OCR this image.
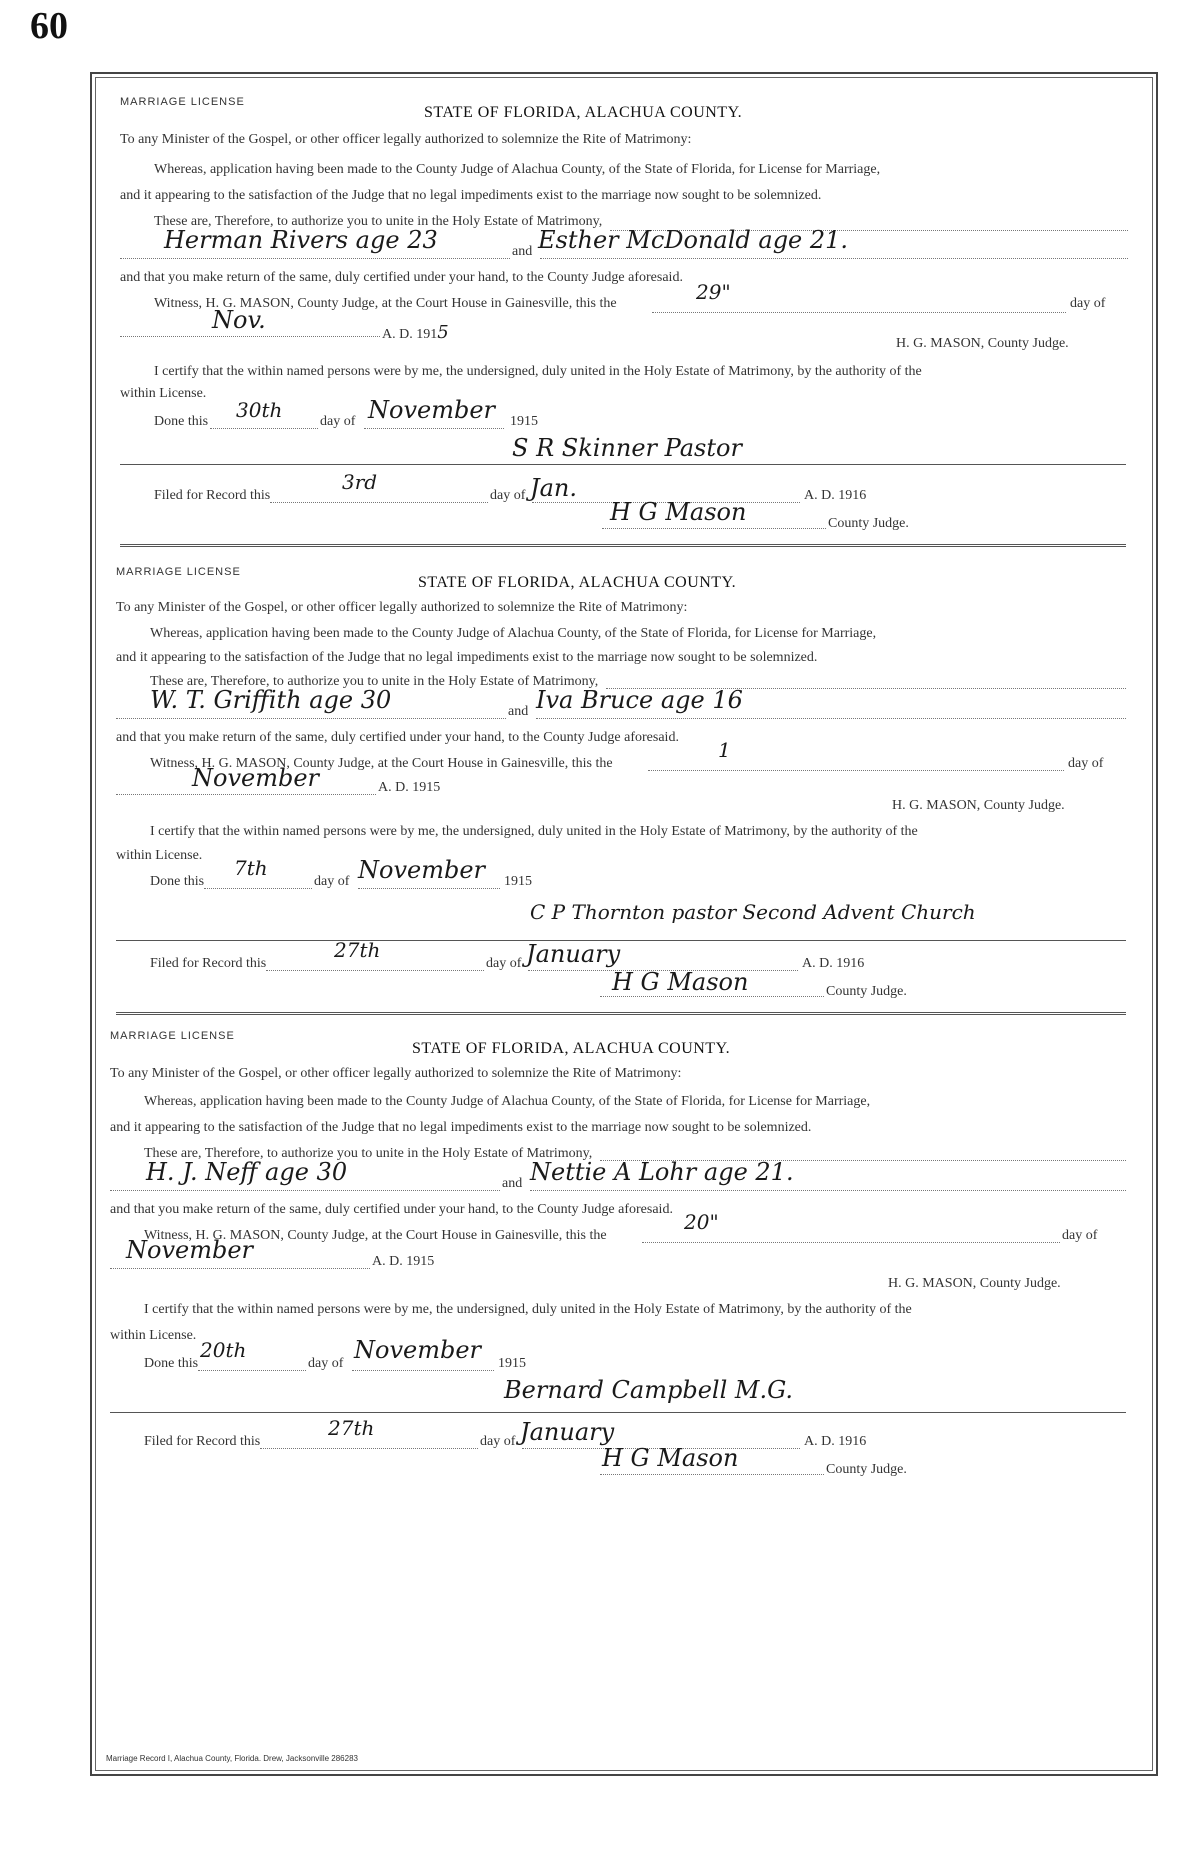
60
MARRIAGE LICENSE
STATE OF FLORIDA, ALACHUA COUNTY.
To any Minister of the Gospel, or other officer legally authorized to solemnize the Rite of Matrimony:
Whereas, application having been made to the County Judge of Alachua County, of the State of Florida, for License for Marriage,
and it appearing to the satisfaction of the Judge that no legal impediments exist to the marriage now sought to be solemnized.
These are, Therefore, to authorize you to unite in the Holy Estate of Matrimony,
Herman Rivers age 23	and Esther McDonald age 21.
and that you make return of the same, duly certified under your hand, to the County Judge aforesaid.
Witness, H. G. MASON, County Judge, at the Court House in Gainesville, this the	29"	day of
Nov.
A. D. 1915
H. G. MASON, County Judge.
I certify that the within named persons were by me, the undersigned, duly united in the Holy Estate of Matrimony, by the authority of the
within License.
Done this 30th	day of November 1915
S R Skinner Pastor
Filed for Record this
3rd
day of Jan.	A. D. 1916
H G Mason	County Judge.
MARRIAGE LICENSE
STATE OF FLORIDA, ALACHUA COUNTY.
To any Minister of the Gospel, or other officer legally authorized to solemnize the Rite of Matrimony:
Whereas, application having been made to the County Judge of Alachua County, of the State of Florida, for License for Marriage,
and it appearing to the satisfaction of the Judge that no legal impediments exist to the marriage now sought to be solemnized.
These are, Therefore, to authorize you to unite in the Holy Estate of Matrimony,
W. T. Griffith age 30	and Iva Bruce age 16
and that you make return of the same, duly certified under your hand, to the County Judge aforesaid.
Witness, H. G. MASON, County Judge, at the Court House in Gainesville, this the
1
day of
November	A. D. 1915
H. G. MASON, County Judge.
I certify that the within named persons were by me, the undersigned, duly united in the Holy Estate of Matrimony, by the authority of the
within License.
Done this
7th
day of November 1915
C P Thornton pastor Second Advent Church
Filed for Record this
27th
day of January	A. D. 1916
H G Mason	County Judge.
MARRIAGE LICENSE
STATE OF FLORIDA, ALACHUA COUNTY.
To any Minister of the Gospel, or other officer legally authorized to solemnize the Rite of Matrimony:
Whereas, application having been made to the County Judge of Alachua County, of the State of Florida, for License for Marriage,
and it appearing to the satisfaction of the Judge that no legal impediments exist to the marriage now sought to be solemnized.
These are, Therefore, to authorize you to unite in the Holy Estate of Matrimony,
H. J. Neff age 30	and Nettie A Lohr age 21.
and that you make return of the same, duly certified under your hand, to the County Judge aforesaid.
Witness, H. G. MASON, County Judge, at the Court House in Gainesville, this the
20"
day of
November	A. D. 1915
H. G. MASON, County Judge.
I certify that the within named persons were by me, the undersigned, duly united in the Holy Estate of Matrimony, by the authority of the
within License.
Done this
20th
day of November 1915
Bernard Campbell M.G.
Filed for Record this
27th
day of January	A. D. 1916
H G Mason	County Judge.
Marriage Record I, Alachua County, Florida. Drew, Jacksonville 286283
